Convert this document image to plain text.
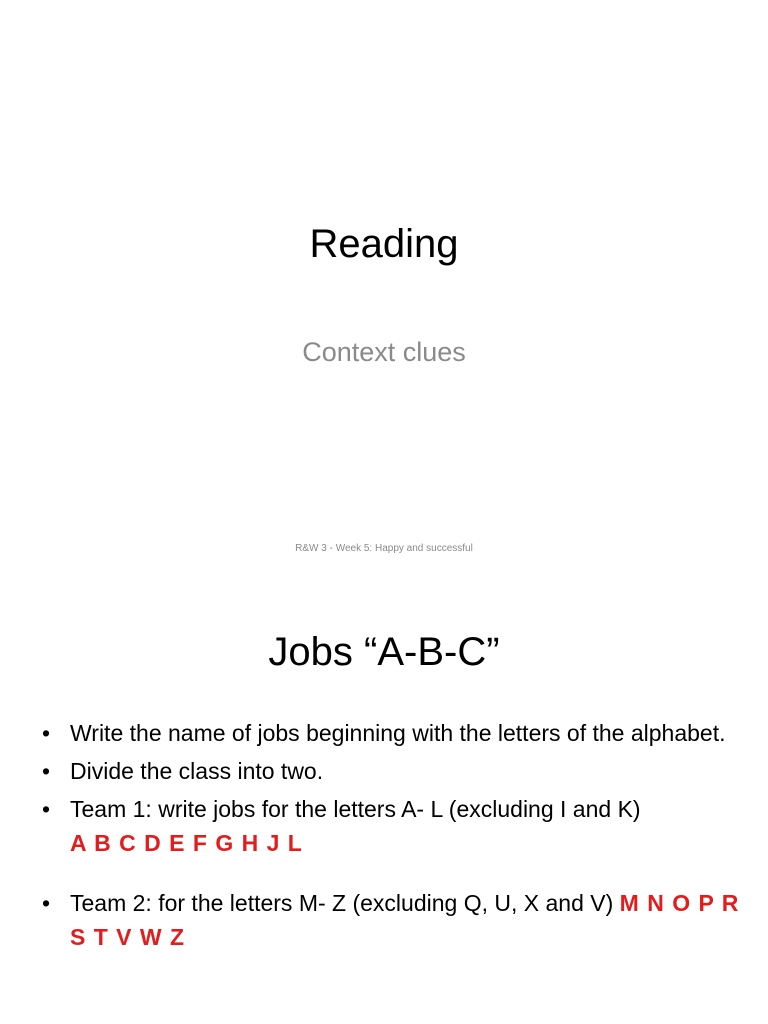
Reading
Context clues
R&W 3 - Week 5: Happy and successful
Jobs “A-B-C”
• Write the name of jobs beginning with the letters of the alphabet.
• Divide the class into two.
• Team 1: write jobs for the letters A- L (excluding I and K)
A B C D E F G H J L
• Team 2: for the letters M- Z (excluding Q, U, X and V) M N O P R S T V W Z
